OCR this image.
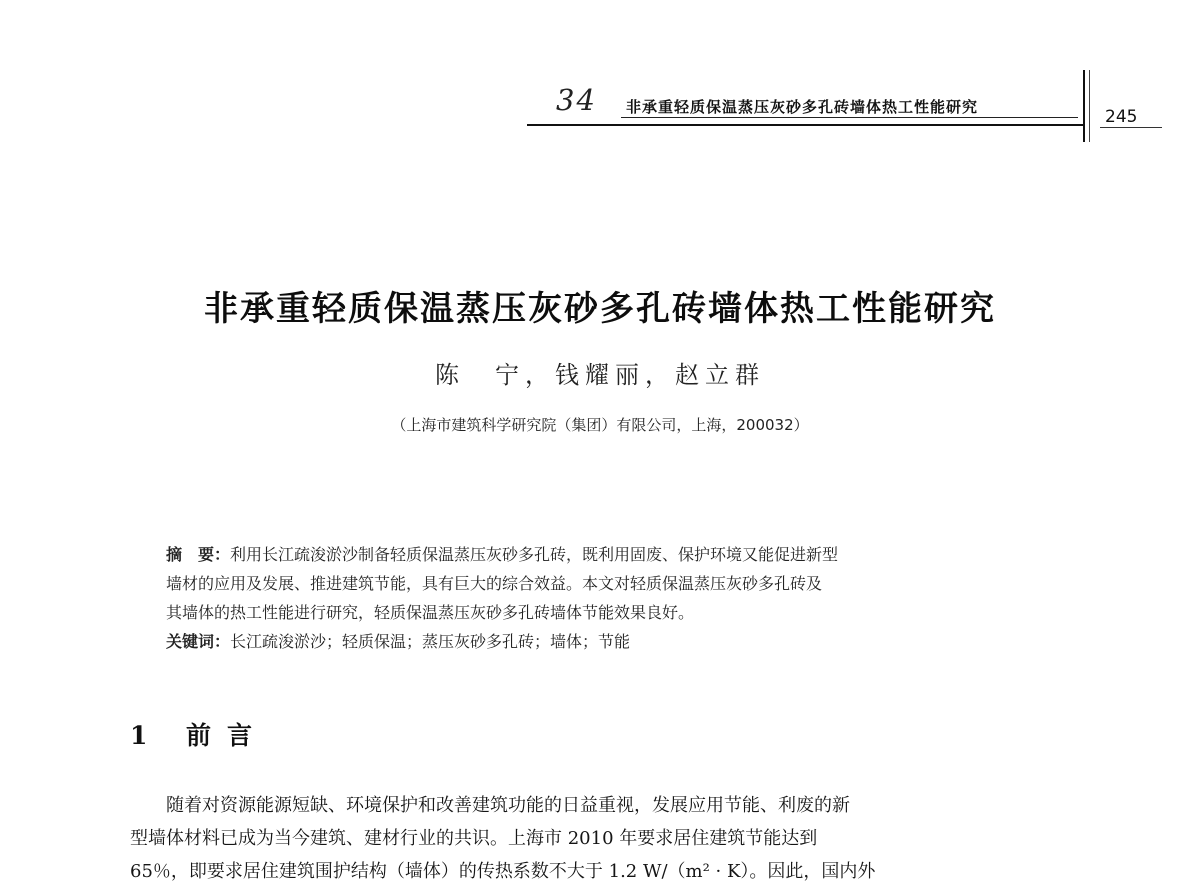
34 非承重轻质保温蒸压灰砂多孔砖墙体热工性能研究	245
非承重轻质保温蒸压灰砂多孔砖墙体热工性能研究
陈　宁，钱耀丽，赵立群
（上海市建筑科学研究院（集团）有限公司，上海，200032）
摘　要：利用长江疏浚淤沙制备轻质保温蒸压灰砂多孔砖，既利用固废、保护环境又能促进新型
墙材的应用及发展、推进建筑节能，具有巨大的综合效益。本文对轻质保温蒸压灰砂多孔砖及
其墙体的热工性能进行研究，轻质保温蒸压灰砂多孔砖墙体节能效果良好。
关键词：长江疏浚淤沙；轻质保温；蒸压灰砂多孔砖；墙体；节能
1 前言
随着对资源能源短缺、环境保护和改善建筑功能的日益重视，发展应用节能、利废的新
型墙体材料已成为当今建筑、建材行业的共识。上海市 2010 年要求居住建筑节能达到
65％，即要求居住建筑围护结构（墙体）的传热系数不大于 1.2 W/（m² · K）。因此，国内外
